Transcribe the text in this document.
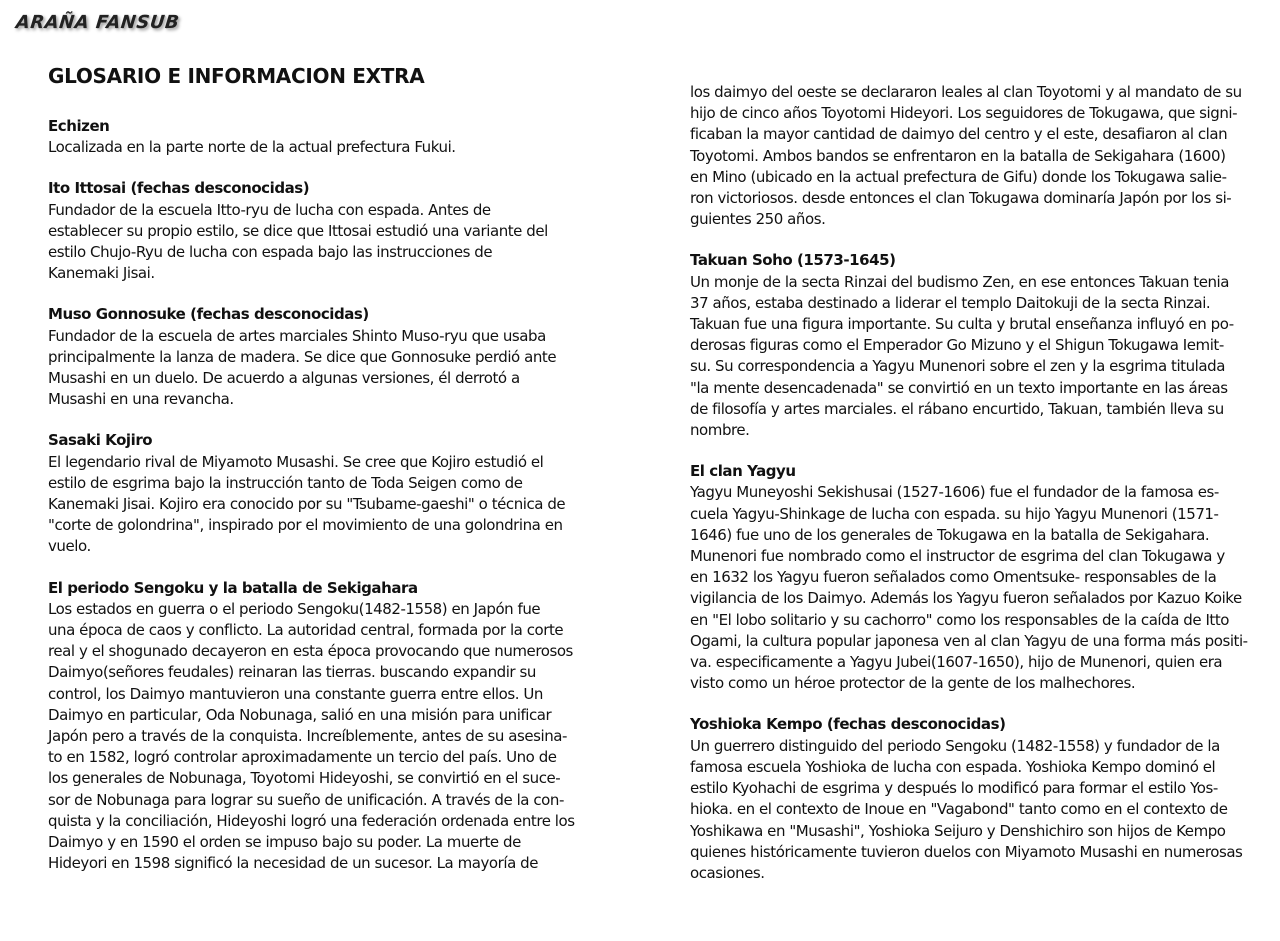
ARAÑA FANSUB
GLOSARIO E INFORMACION EXTRA
Echizen
Localizada en la parte norte de la actual prefectura Fukui.
Ito Ittosai (fechas desconocidas)
Fundador de la escuela Itto-ryu de lucha con espada. Antes de
establecer su propio estilo, se dice que Ittosai estudió una variante del
estilo Chujo-Ryu de lucha con espada bajo las instrucciones de
Kanemaki Jisai.
Muso Gonnosuke (fechas desconocidas)
Fundador de la escuela de artes marciales Shinto Muso-ryu que usaba
principalmente la lanza de madera. Se dice que Gonnosuke perdió ante
Musashi en un duelo. De acuerdo a algunas versiones, él derrotó a
Musashi en una revancha.
Sasaki Kojiro
El legendario rival de Miyamoto Musashi. Se cree que Kojiro estudió el
estilo de esgrima bajo la instrucción tanto de Toda Seigen como de
Kanemaki Jisai. Kojiro era conocido por su "Tsubame-gaeshi" o técnica de
"corte de golondrina", inspirado por el movimiento de una golondrina en
vuelo.
El periodo Sengoku y la batalla de Sekigahara
Los estados en guerra o el periodo Sengoku(1482-1558) en Japón fue
una época de caos y conflicto. La autoridad central, formada por la corte
real y el shogunado decayeron en esta época provocando que numerosos
Daimyo(señores feudales) reinaran las tierras. buscando expandir su
control, los Daimyo mantuvieron una constante guerra entre ellos. Un
Daimyo en particular, Oda Nobunaga, salió en una misión para unificar
Japón pero a través de la conquista. Increíblemente, antes de su asesina-
to en 1582, logró controlar aproximadamente un tercio del país. Uno de
los generales de Nobunaga, Toyotomi Hideyoshi, se convirtió en el suce-
sor de Nobunaga para lograr su sueño de unificación. A través de la con-
quista y la conciliación, Hideyoshi logró una federación ordenada entre los
Daimyo y en 1590 el orden se impuso bajo su poder. La muerte de
Hideyori en 1598 significó la necesidad de un sucesor. La mayoría de
los daimyo del oeste se declararon leales al clan Toyotomi y al mandato de su
hijo de cinco años Toyotomi Hideyori. Los seguidores de Tokugawa, que signi-
ficaban la mayor cantidad de daimyo del centro y el este, desafiaron al clan
Toyotomi. Ambos bandos se enfrentaron en la batalla de Sekigahara (1600)
en Mino (ubicado en la actual prefectura de Gifu) donde los Tokugawa salie-
ron victoriosos. desde entonces el clan Tokugawa dominaría Japón por los si-
guientes 250 años.
Takuan Soho (1573-1645)
Un monje de la secta Rinzai del budismo Zen, en ese entonces Takuan tenia
37 años, estaba destinado a liderar el templo Daitokuji de la secta Rinzai.
Takuan fue una figura importante. Su culta y brutal enseñanza influyó en po-
derosas figuras como el Emperador Go Mizuno y el Shigun Tokugawa Iemit-
su. Su correspondencia a Yagyu Munenori sobre el zen y la esgrima titulada
"la mente desencadenada" se convirtió en un texto importante en las áreas
de filosofía y artes marciales. el rábano encurtido, Takuan, también lleva su
nombre.
El clan Yagyu
Yagyu Muneyoshi Sekishusai (1527-1606) fue el fundador de la famosa es-
cuela Yagyu-Shinkage de lucha con espada. su hijo Yagyu Munenori (1571-
1646) fue uno de los generales de Tokugawa en la batalla de Sekigahara.
Munenori fue nombrado como el instructor de esgrima del clan Tokugawa y
en 1632 los Yagyu fueron señalados como Omentsuke- responsables de la
vigilancia de los Daimyo. Además los Yagyu fueron señalados por Kazuo Koike
en "El lobo solitario y su cachorro" como los responsables de la caída de Itto
Ogami, la cultura popular japonesa ven al clan Yagyu de una forma más positi-
va. especificamente a Yagyu Jubei(1607-1650), hijo de Munenori, quien era
visto como un héroe protector de la gente de los malhechores.
Yoshioka Kempo (fechas desconocidas)
Un guerrero distinguido del periodo Sengoku (1482-1558) y fundador de la
famosa escuela Yoshioka de lucha con espada. Yoshioka Kempo dominó el
estilo Kyohachi de esgrima y después lo modificó para formar el estilo Yos-
hioka. en el contexto de Inoue en "Vagabond" tanto como en el contexto de
Yoshikawa en "Musashi", Yoshioka Seijuro y Denshichiro son hijos de Kempo
quienes históricamente tuvieron duelos con Miyamoto Musashi en numerosas
ocasiones.
